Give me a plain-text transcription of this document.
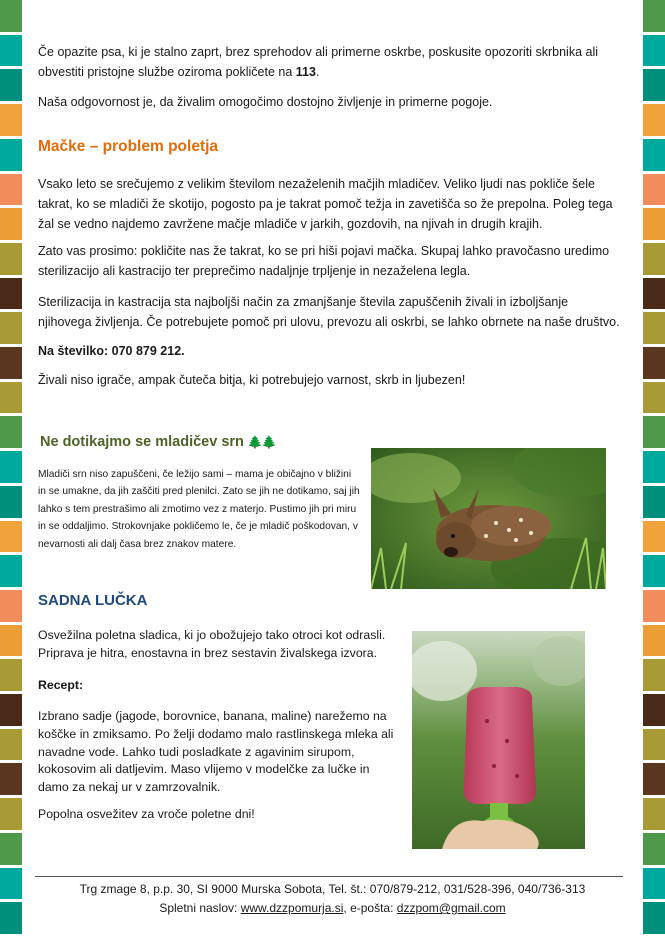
Če opazite psa, ki je stalno zaprt, brez sprehodov ali primerne oskrbe, poskusite opozoriti skrbnika ali obvestiti pristojne službe oziroma pokličete na 113.

Naša odgovornost je, da živalim omogočimo dostojno življenje in primerne pogoje.

Mačke – problem poletja

Vsako leto se srečujemo z velikim številom nezaželenih mačjih mladičev. Veliko ljudi nas pokliče šele takrat, ko se mladiči že skotijo, pogosto pa je takrat pomoč težja in zavetišča so že prepolna. Poleg tega žal se vedno najdemo zavržene mačje mladiče v jarkih, gozdovih, na njivah in drugih krajih.

Zato vas prosimo: pokličite nas že takrat, ko se pri hiši pojavi mačka. Skupaj lahko pravočasno uredimo sterilizacijo ali kastracijo ter preprečimo nadaljnje trpljenje in nezaželena legla.

Sterilizacija in kastracija sta najboljši način za zmanjšanje števila zapuščenih živali in izboljšanje njihovega življenja. Če potrebujete pomoč pri ulovu, prevozu ali oskrbi, se lahko obrnete na naše društvo.

Na številko: 070 879 212.

Živali niso igrače, ampak čuteča bitja, ki potrebujejo varnost, skrb in ljubezen!

Ne dotikajmo se mladičev srn 🌲🌲

Mladiči srn niso zapuščeni, če ležijo sami – mama je običajno v bližini in se umakne, da jih zaščiti pred plenilci. Zato se jih ne dotikamo, saj jih lahko s tem prestrašimo ali zmotimo vez z materjo. Pustimo jih pri miru in se oddaljimo. Strokovnjake pokličemo le, če je mladič poškodovan, v nevarnosti ali dalj časa brez znakov matere.

SADNA LUČKA

Osvežilna poletna sladica, ki jo obožujejo tako otroci kot odrasli. Priprava je hitra, enostavna in brez sestavin živalskega izvora.

Recept:

Izbrano sadje (jagode, borovnice, banana, maline) narežemo na koščke in zmiksamo. Po želji dodamo malo rastlinskega mleka ali navadne vode. Lahko tudi posladkate z agavinim sirupom, kokosovim ali datljevim. Maso vlijemo v modelčke za lučke in damo za nekaj ur v zamrzovalnik.

Popolna osvežitev za vroče poletne dni!

Trg zmage 8, p.p. 30, SI 9000 Murska Sobota, Tel. št.: 070/879-212, 031/528-396, 040/736-313

Spletni naslov: www.dzzpomurja.si, e-pošta: dzzpom@gmail.com
